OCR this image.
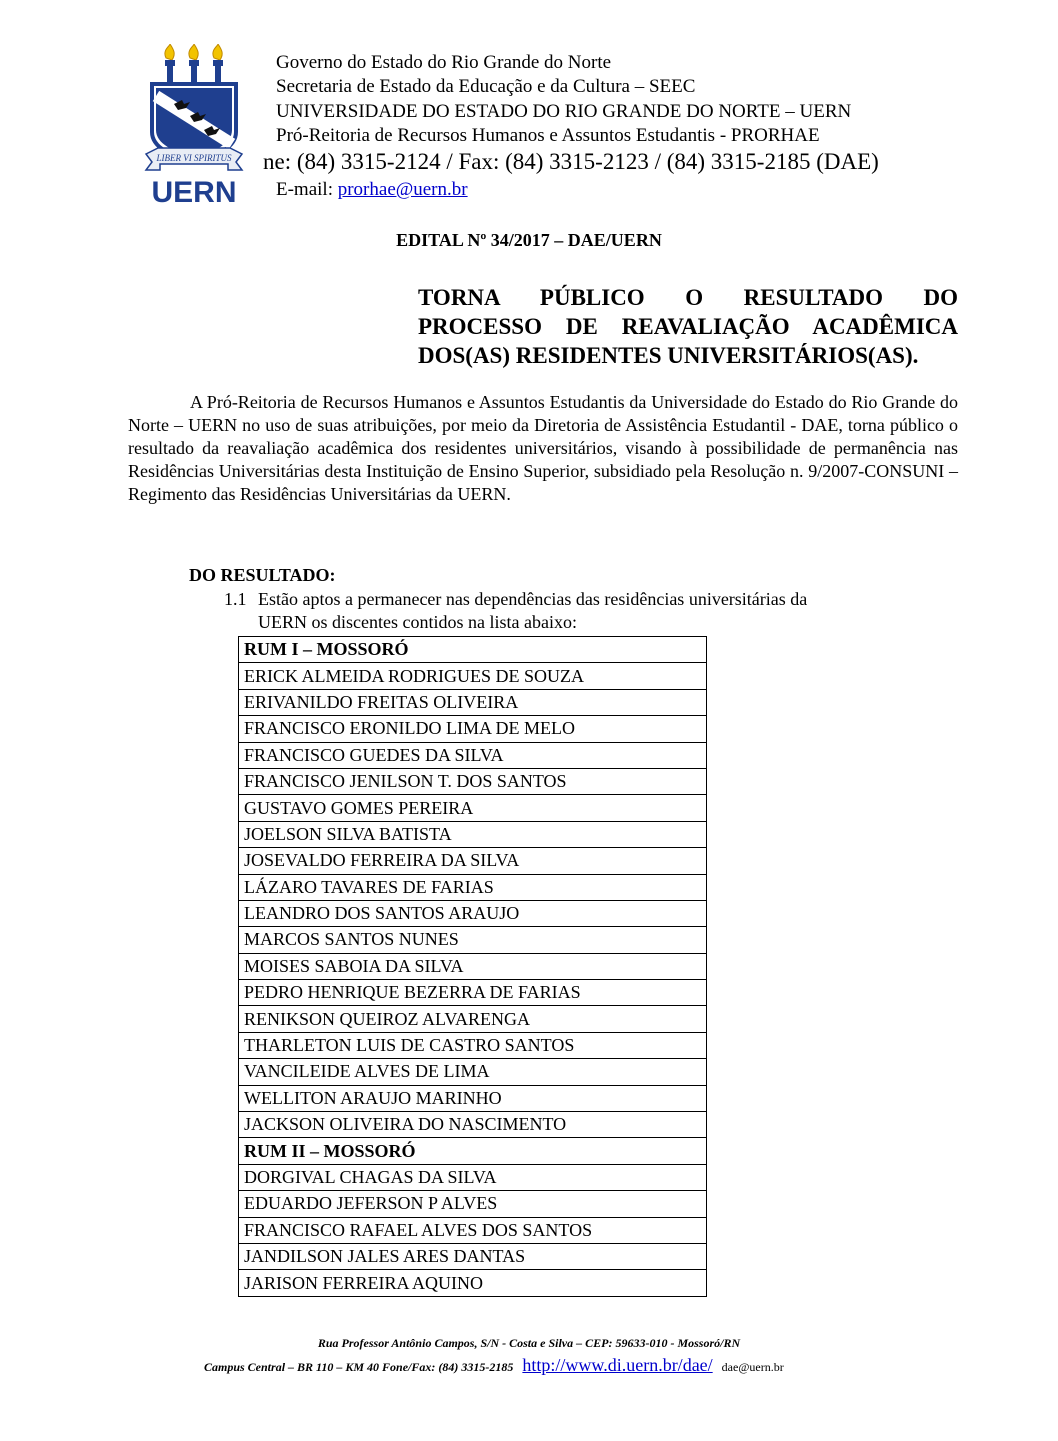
LIBER VI SPIRITUS
UERN
Governo do Estado do Rio Grande do Norte
Secretaria de Estado da Educação e da Cultura – SEEC
UNIVERSIDADE DO ESTADO DO RIO GRANDE DO NORTE – UERN
Pró-Reitoria de Recursos Humanos e Assuntos Estudantis - PRORHAE
ne: (84) 3315-2124 / Fax: (84) 3315-2123 / (84) 3315-2185 (DAE)
E-mail: prorhae@uern.br
EDITAL Nº 34/2017 – DAE/UERN
TORNA PÚBLICO O RESULTADO DO
PROCESSO DE REAVALIAÇÃO ACADÊMICA
DOS(AS) RESIDENTES UNIVERSITÁRIOS(AS).
A Pró-Reitoria de Recursos Humanos e Assuntos Estudantis da Universidade do Estado do Rio Grande do Norte – UERN no uso de suas atribuições, por meio da Diretoria de Assistência Estudantil - DAE, torna público o resultado da reavaliação acadêmica dos residentes universitários, visando à possibilidade de permanência nas Residências Universitárias desta Instituição de Ensino Superior, subsidiado pela Resolução n. 9/2007-CONSUNI – Regimento das Residências Universitárias da UERN.
DO RESULTADO:
1.1 Estão aptos a permanecer nas dependências das residências universitárias da
UERN os discentes contidos na lista abaixo:
RUM I – MOSSORÓ
ERICK ALMEIDA RODRIGUES DE SOUZA
ERIVANILDO FREITAS OLIVEIRA
FRANCISCO ERONILDO LIMA DE MELO
FRANCISCO GUEDES DA SILVA
FRANCISCO JENILSON T. DOS SANTOS
GUSTAVO GOMES PEREIRA
JOELSON SILVA BATISTA
JOSEVALDO FERREIRA DA SILVA
LÁZARO TAVARES DE FARIAS
LEANDRO DOS SANTOS ARAUJO
MARCOS SANTOS NUNES
MOISES SABOIA DA SILVA
PEDRO HENRIQUE BEZERRA DE FARIAS
RENIKSON QUEIROZ ALVARENGA
THARLETON LUIS DE CASTRO SANTOS
VANCILEIDE ALVES DE LIMA
WELLITON ARAUJO MARINHO
JACKSON OLIVEIRA DO NASCIMENTO
RUM II – MOSSORÓ
DORGIVAL CHAGAS DA SILVA
EDUARDO JEFERSON P ALVES
FRANCISCO RAFAEL ALVES DOS SANTOS
JANDILSON JALES ARES DANTAS
JARISON FERREIRA AQUINO
Rua Professor Antônio Campos, S/N - Costa e Silva – CEP: 59633-010 - Mossoró/RN
Campus Central – BR 110 – KM 40 Fone/Fax: (84) 3315-2185 http://www.di.uern.br/dae/ dae@uern.br
